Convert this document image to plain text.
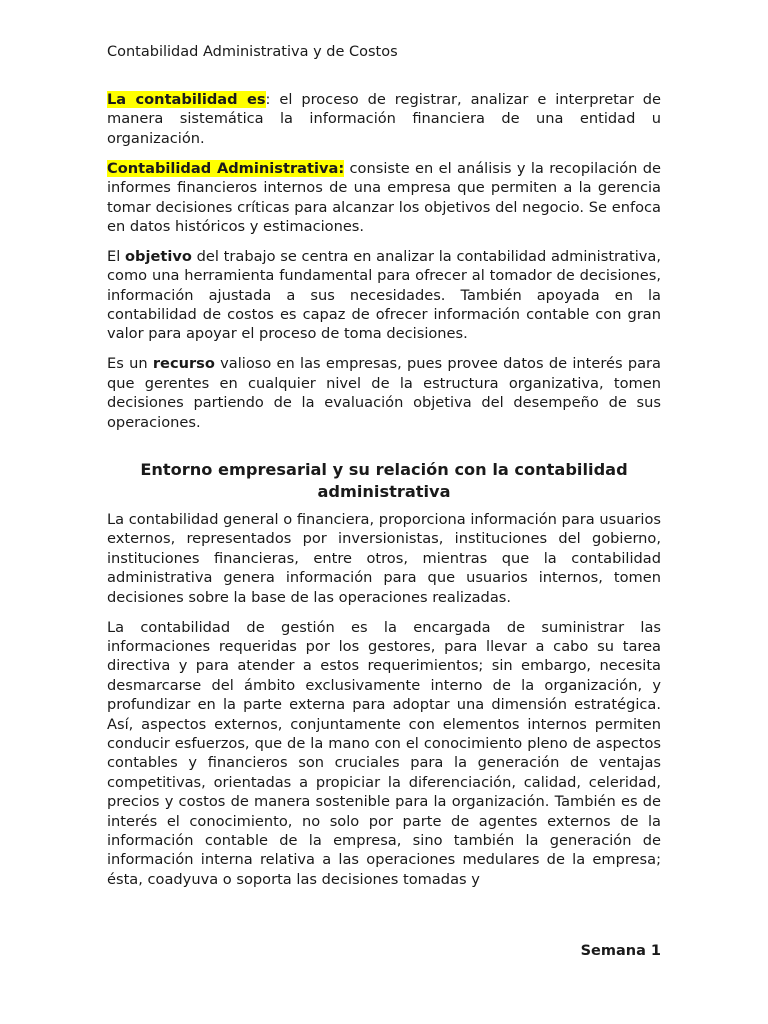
Contabilidad Administrativa y de Costos

La contabilidad es: el proceso de registrar, analizar e interpretar de manera sistemática la información financiera de una entidad u organización.

Contabilidad Administrativa: consiste en el análisis y la recopilación de informes financieros internos de una empresa que permiten a la gerencia tomar decisiones críticas para alcanzar los objetivos del negocio. Se enfoca en datos históricos y estimaciones.

El objetivo del trabajo se centra en analizar la contabilidad administrativa, como una herramienta fundamental para ofrecer al tomador de decisiones, información ajustada a sus necesidades. También apoyada en la contabilidad de costos es capaz de ofrecer información contable con gran valor para apoyar el proceso de toma decisiones.

Es un recurso valioso en las empresas, pues provee datos de interés para que gerentes en cualquier nivel de la estructura organizativa, tomen decisiones partiendo de la evaluación objetiva del desempeño de sus operaciones.

Entorno empresarial y su relación con la contabilidad administrativa

La contabilidad general o financiera, proporciona información para usuarios externos, representados por inversionistas, instituciones del gobierno, instituciones financieras, entre otros, mientras que la contabilidad administrativa genera información para que usuarios internos, tomen decisiones sobre la base de las operaciones realizadas.

La contabilidad de gestión es la encargada de suministrar las informaciones requeridas por los gestores, para llevar a cabo su tarea directiva y para atender a estos requerimientos; sin embargo, necesita desmarcarse del ámbito exclusivamente interno de la organización, y profundizar en la parte externa para adoptar una dimensión estratégica. Así, aspectos externos, conjuntamente con elementos internos permiten conducir esfuerzos, que de la mano con el conocimiento pleno de aspectos contables y financieros son cruciales para la generación de ventajas competitivas, orientadas a propiciar la diferenciación, calidad, celeridad, precios y costos de manera sostenible para la organización. También es de interés el conocimiento, no solo por parte de agentes externos de la información contable de la empresa, sino también la generación de información interna relativa a las operaciones medulares de la empresa; ésta, coadyuva o soporta las decisiones tomadas y

Semana 1
